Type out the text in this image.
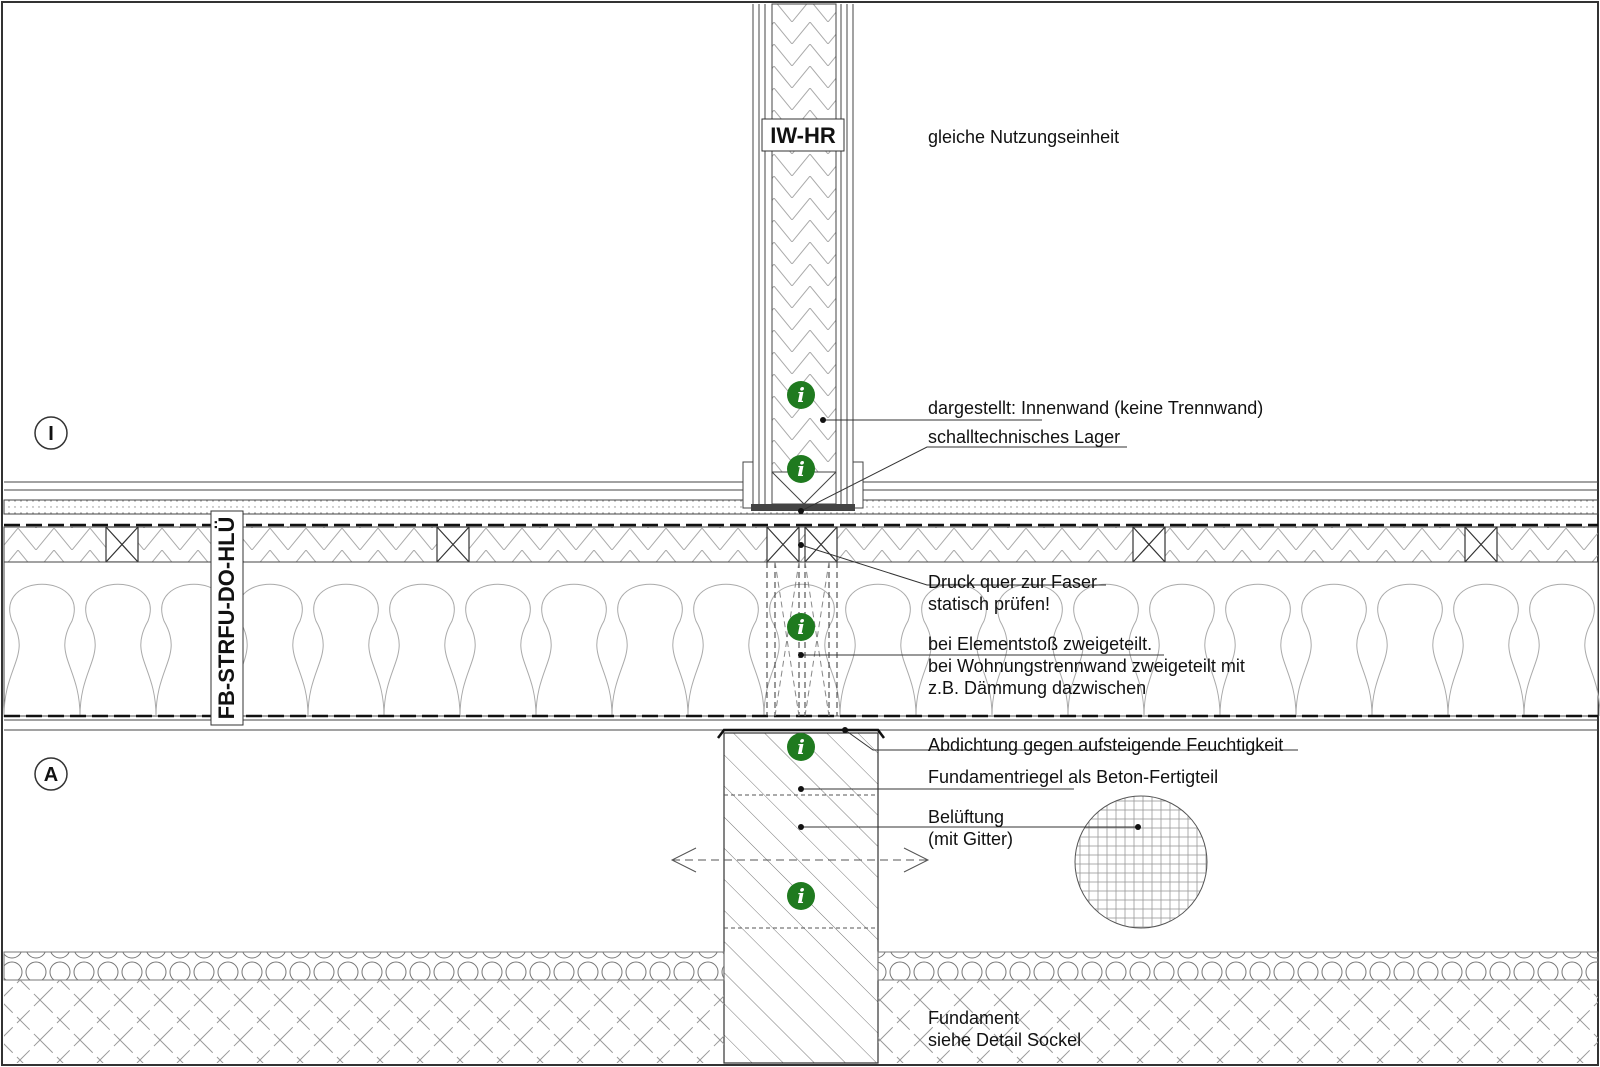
IW-HR
FB-STRFU-DO-HLÜ
I
A
i
i
i
i
i
gleiche Nutzungseinheit
dargestellt: Innenwand (keine Trennwand)
schalltechnisches Lager
Druck quer zur Faser
statisch prüfen!
bei Elementstoß zweigeteilt.
bei Wohnungstrennwand zweigeteilt mit
z.B. Dämmung dazwischen
Abdichtung gegen aufsteigende Feuchtigkeit
Fundamentriegel als Beton-Fertigteil
Belüftung
(mit Gitter)
Fundament
siehe Detail Sockel
